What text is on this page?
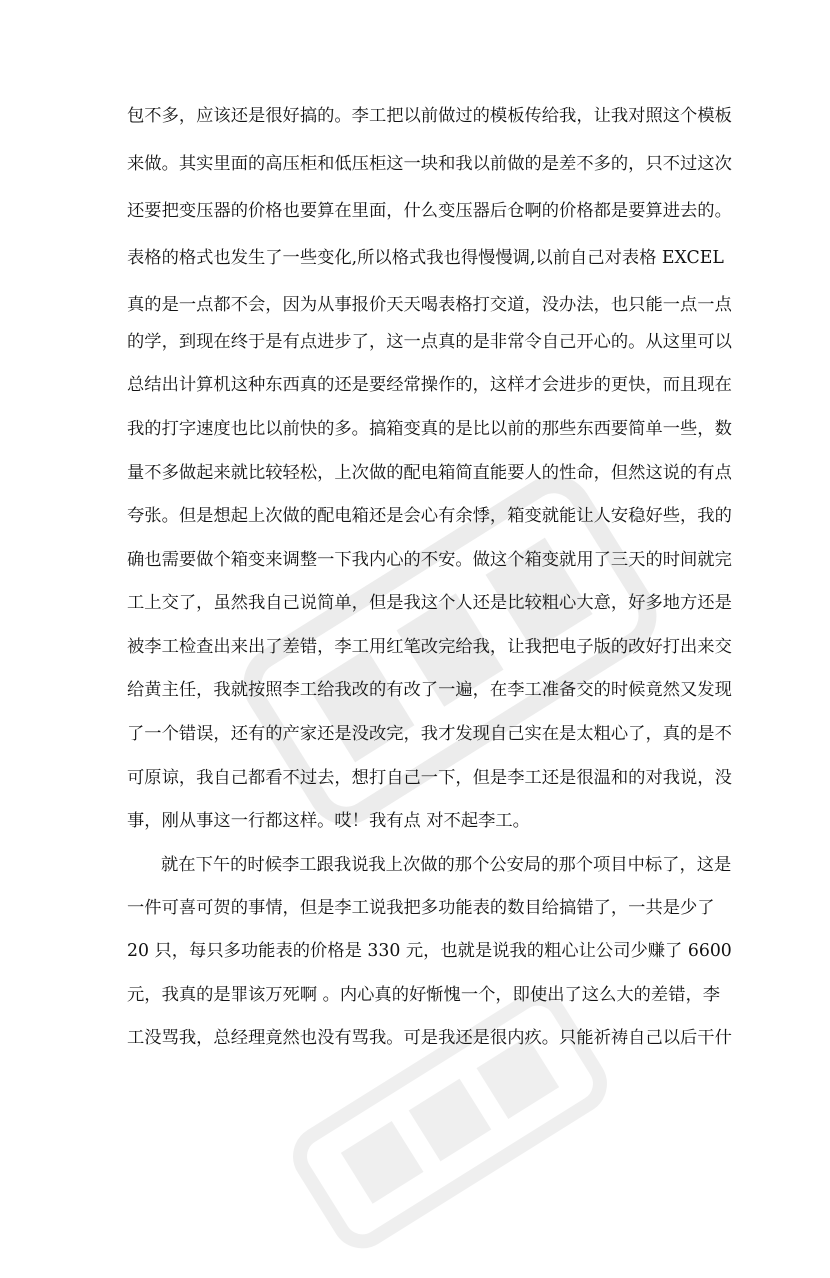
包不多，应该还是很好搞的。李工把以前做过的模板传给我，让我对照这个模板
来做。其实里面的高压柜和低压柜这一块和我以前做的是差不多的，只不过这次
还要把变压器的价格也要算在里面，什么变压器后仓啊的价格都是要算进去的。
表格的格式也发生了一些变化,所以格式我也得慢慢调,以前自己对表格 EXCEL
真的是一点都不会，因为从事报价天天喝表格打交道，没办法，也只能一点一点
的学，到现在终于是有点进步了，这一点真的是非常令自己开心的。从这里可以
总结出计算机这种东西真的还是要经常操作的，这样才会进步的更快，而且现在
我的打字速度也比以前快的多。搞箱变真的是比以前的那些东西要简单一些，数
量不多做起来就比较轻松，上次做的配电箱简直能要人的性命，但然这说的有点
夸张。但是想起上次做的配电箱还是会心有余悸，箱变就能让人安稳好些，我的
确也需要做个箱变来调整一下我内心的不安。做这个箱变就用了三天的时间就完
工上交了，虽然我自己说简单，但是我这个人还是比较粗心大意，好多地方还是
被李工检查出来出了差错，李工用红笔改完给我，让我把电子版的改好打出来交
给黄主任，我就按照李工给我改的有改了一遍，在李工准备交的时候竟然又发现
了一个错误，还有的产家还是没改完，我才发现自己实在是太粗心了，真的是不
可原谅，我自己都看不过去，想打自己一下，但是李工还是很温和的对我说，没
事，刚从事这一行都这样。哎！我有点 对不起李工。
就在下午的时候李工跟我说我上次做的那个公安局的那个项目中标了，这是
一件可喜可贺的事情，但是李工说我把多功能表的数目给搞错了，一共是少了
20 只，每只多功能表的价格是 330 元，也就是说我的粗心让公司少赚了 6600
元，我真的是罪该万死啊 。内心真的好惭愧一个，即使出了这么大的差错，李
工没骂我，总经理竟然也没有骂我。可是我还是很内疚。只能祈祷自己以后干什
